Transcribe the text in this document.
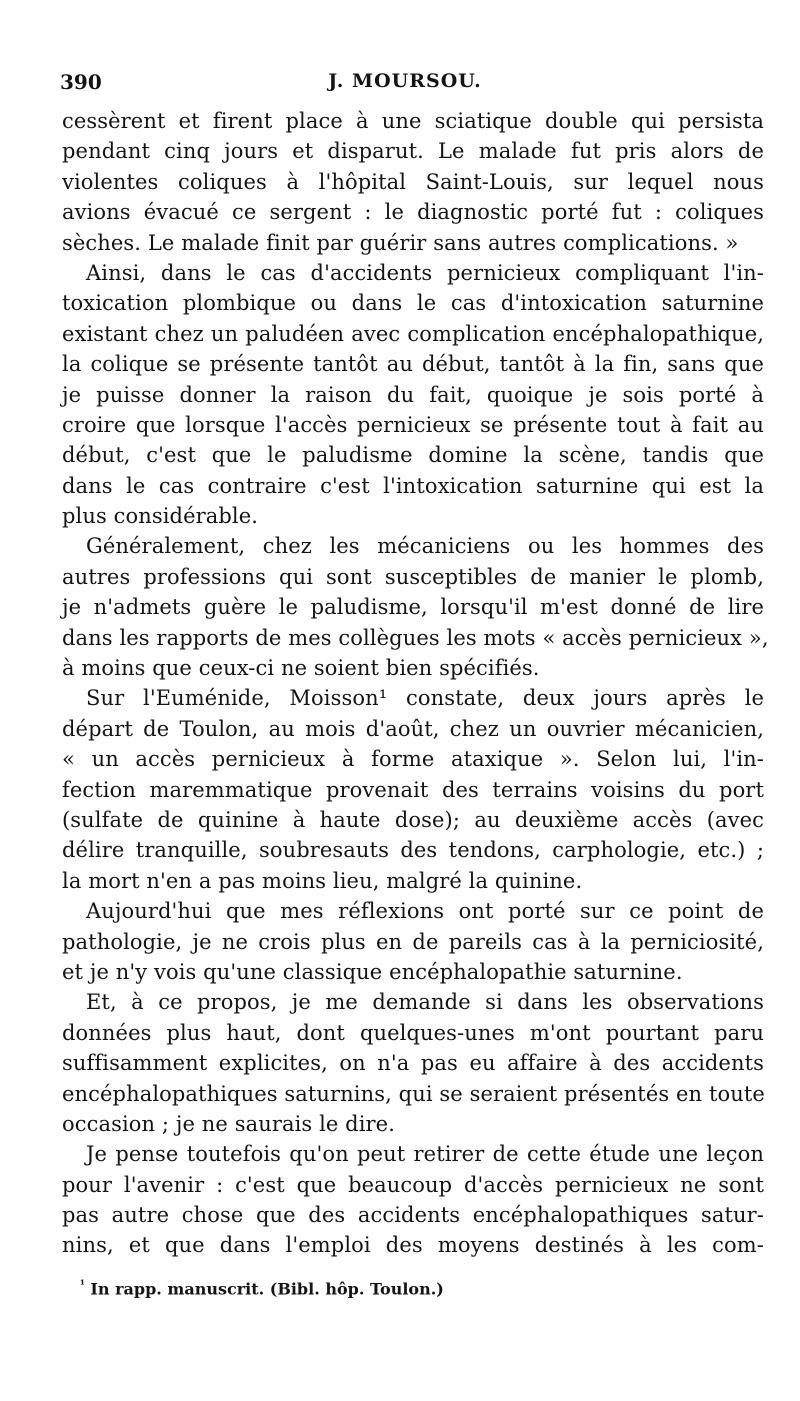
390	J. MOURSOU.
cessèrent et firent place à une sciatique double qui persista
pendant cinq jours et disparut. Le malade fut pris alors de
violentes coliques à l'hôpital Saint-Louis, sur lequel nous
avions évacué ce sergent : le diagnostic porté fut : coliques
sèches. Le malade finit par guérir sans autres complications. »
Ainsi, dans le cas d'accidents pernicieux compliquant l'in-
toxication plombique ou dans le cas d'intoxication saturnine
existant chez un paludéen avec complication encéphalopathique,
la colique se présente tantôt au début, tantôt à la fin, sans que
je puisse donner la raison du fait, quoique je sois porté à
croire que lorsque l'accès pernicieux se présente tout à fait au
début, c'est que le paludisme domine la scène, tandis que
dans le cas contraire c'est l'intoxication saturnine qui est la
plus considérable.
Généralement, chez les mécaniciens ou les hommes des
autres professions qui sont susceptibles de manier le plomb,
je n'admets guère le paludisme, lorsqu'il m'est donné de lire
dans les rapports de mes collègues les mots « accès pernicieux »,
à moins que ceux-ci ne soient bien spécifiés.
Sur l'Euménide, Moisson¹ constate, deux jours après le
départ de Toulon, au mois d'août, chez un ouvrier mécanicien,
« un accès pernicieux à forme ataxique ». Selon lui, l'in-
fection maremmatique provenait des terrains voisins du port
(sulfate de quinine à haute dose); au deuxième accès (avec
délire tranquille, soubresauts des tendons, carphologie, etc.) ;
la mort n'en a pas moins lieu, malgré la quinine.
Aujourd'hui que mes réflexions ont porté sur ce point de
pathologie, je ne crois plus en de pareils cas à la perniciosité,
et je n'y vois qu'une classique encéphalopathie saturnine.
Et, à ce propos, je me demande si dans les observations
données plus haut, dont quelques-unes m'ont pourtant paru
suffisamment explicites, on n'a pas eu affaire à des accidents
encéphalopathiques saturnins, qui se seraient présentés en toute
occasion ; je ne saurais le dire.
Je pense toutefois qu'on peut retirer de cette étude une leçon
pour l'avenir : c'est que beaucoup d'accès pernicieux ne sont
pas autre chose que des accidents encéphalopathiques satur-
nins, et que dans l'emploi des moyens destinés à les com-
$^{^1}$ In rapp. manuscrit. (Bibl. hôp. Toulon.)
